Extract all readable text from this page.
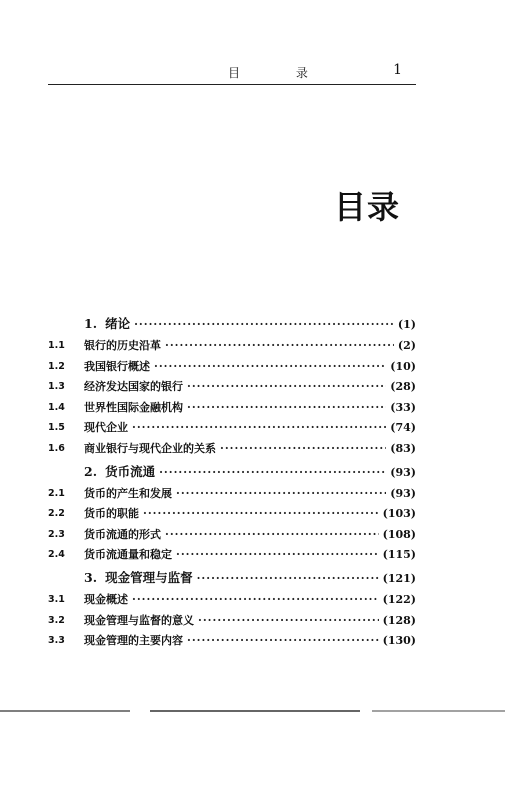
目 录	1
目录
1. 绪论 ·····	(1)
1.1	银行的历史沿革 ·····	(2)
1.2	我国银行概述 ·····	(10)
1.3	经济发达国家的银行 ·····	(28)
1.4	世界性国际金融机构 ·····	(33)
1.5	现代企业 ·····	(74)
1.6	商业银行与现代企业的关系 ·····	(83)
2. 货币流通 ·····	(93)
2.1	货币的产生和发展 ·····	(93)
2.2	货币的职能 ·····	(103)
2.3	货币流通的形式 ·····	(108)
2.4	货币流通量和稳定 ·····	(115)
3. 现金管理与监督 ·····	(121)
3.1	现金概述 ·····	(122)
3.2	现金管理与监督的意义 ·····	(128)
3.3	现金管理的主要内容 ·····	(130)
